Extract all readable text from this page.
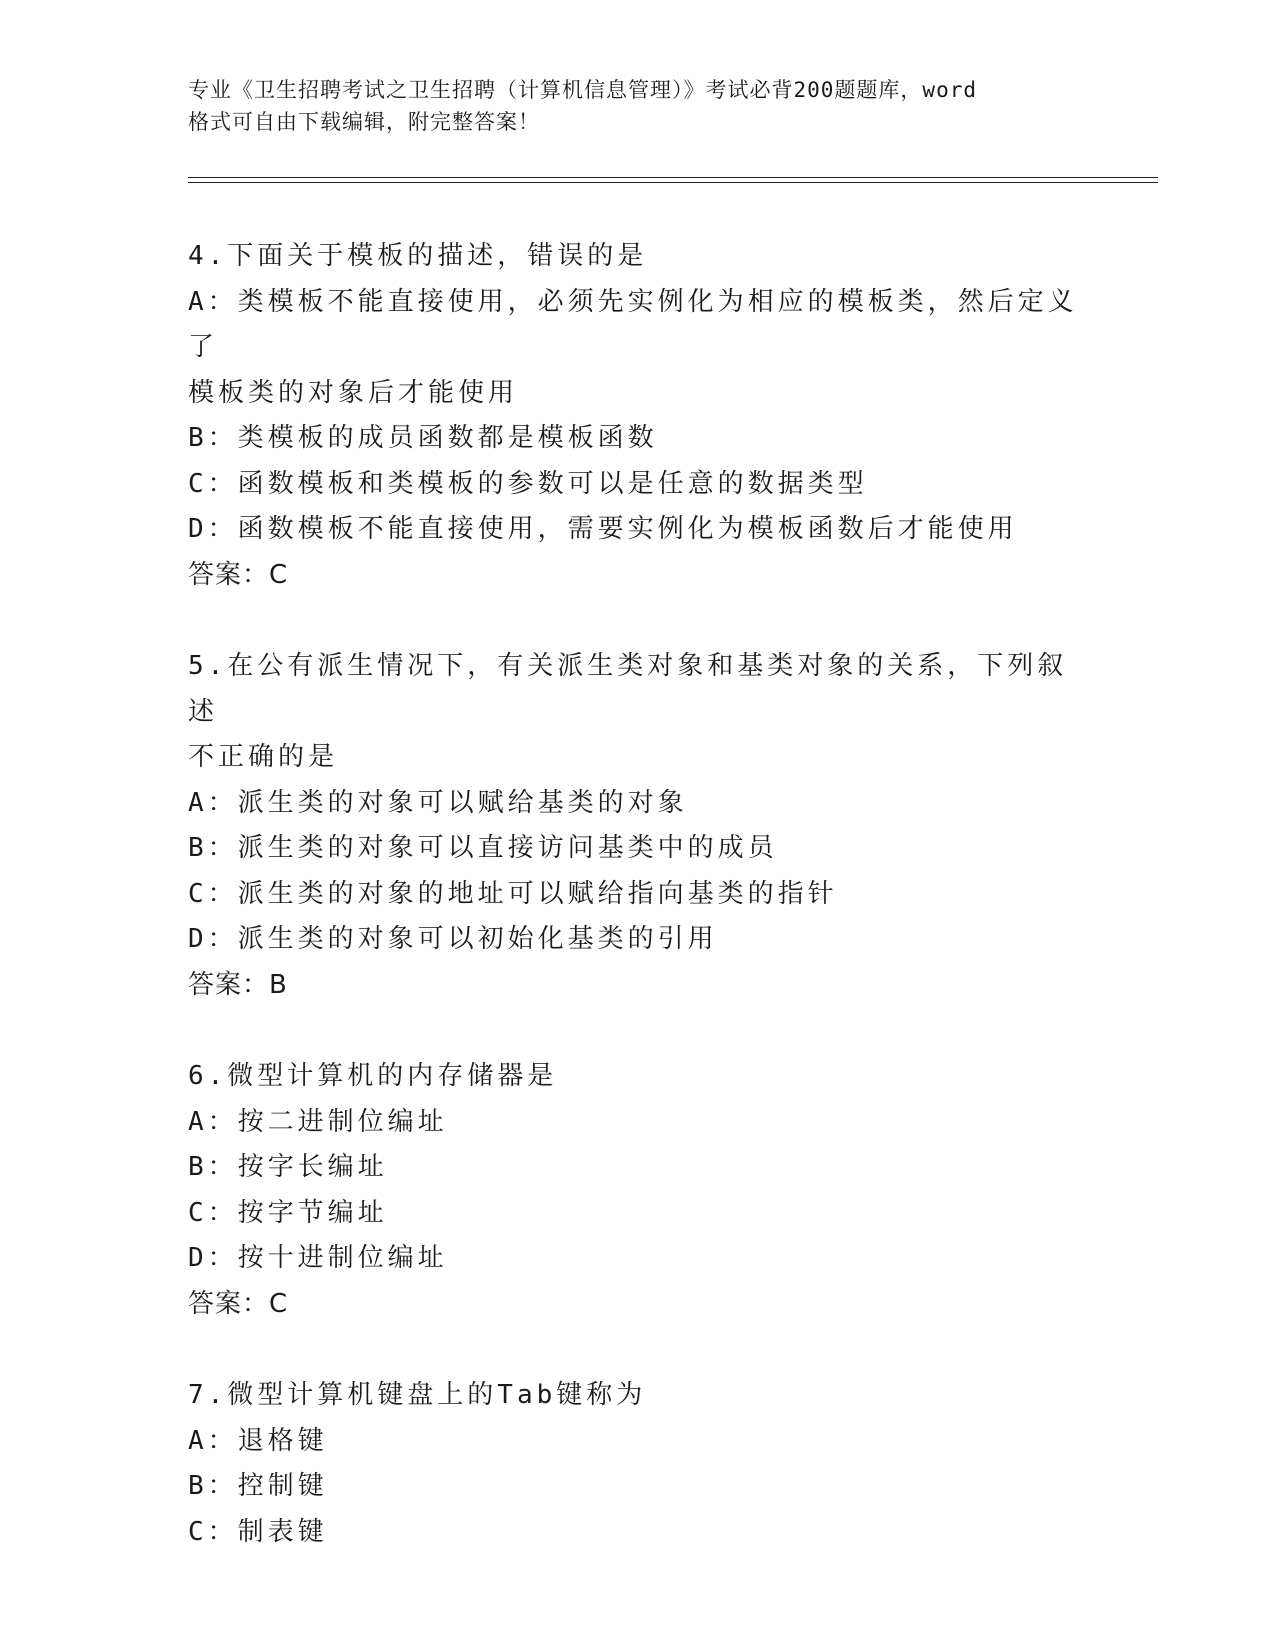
专业《卫生招聘考试之卫生招聘（计算机信息管理）》考试必背200题题库，word

格式可自由下载编辑，附完整答案！

4.下面关于模板的描述，错误的是

A：类模板不能直接使用，必须先实例化为相应的模板类，然后定义了

模板类的对象后才能使用

B：类模板的成员函数都是模板函数

C：函数模板和类模板的参数可以是任意的数据类型

D：函数模板不能直接使用，需要实例化为模板函数后才能使用

答案：C

5.在公有派生情况下，有关派生类对象和基类对象的关系，下列叙述

不正确的是

A：派生类的对象可以赋给基类的对象

B：派生类的对象可以直接访问基类中的成员

C：派生类的对象的地址可以赋给指向基类的指针

D：派生类的对象可以初始化基类的引用

答案：B

6.微型计算机的内存储器是

A：按二进制位编址

B：按字长编址

C：按字节编址

D：按十进制位编址

答案：C

7.微型计算机键盘上的Tab键称为

A：退格键

B：控制键

C：制表键
